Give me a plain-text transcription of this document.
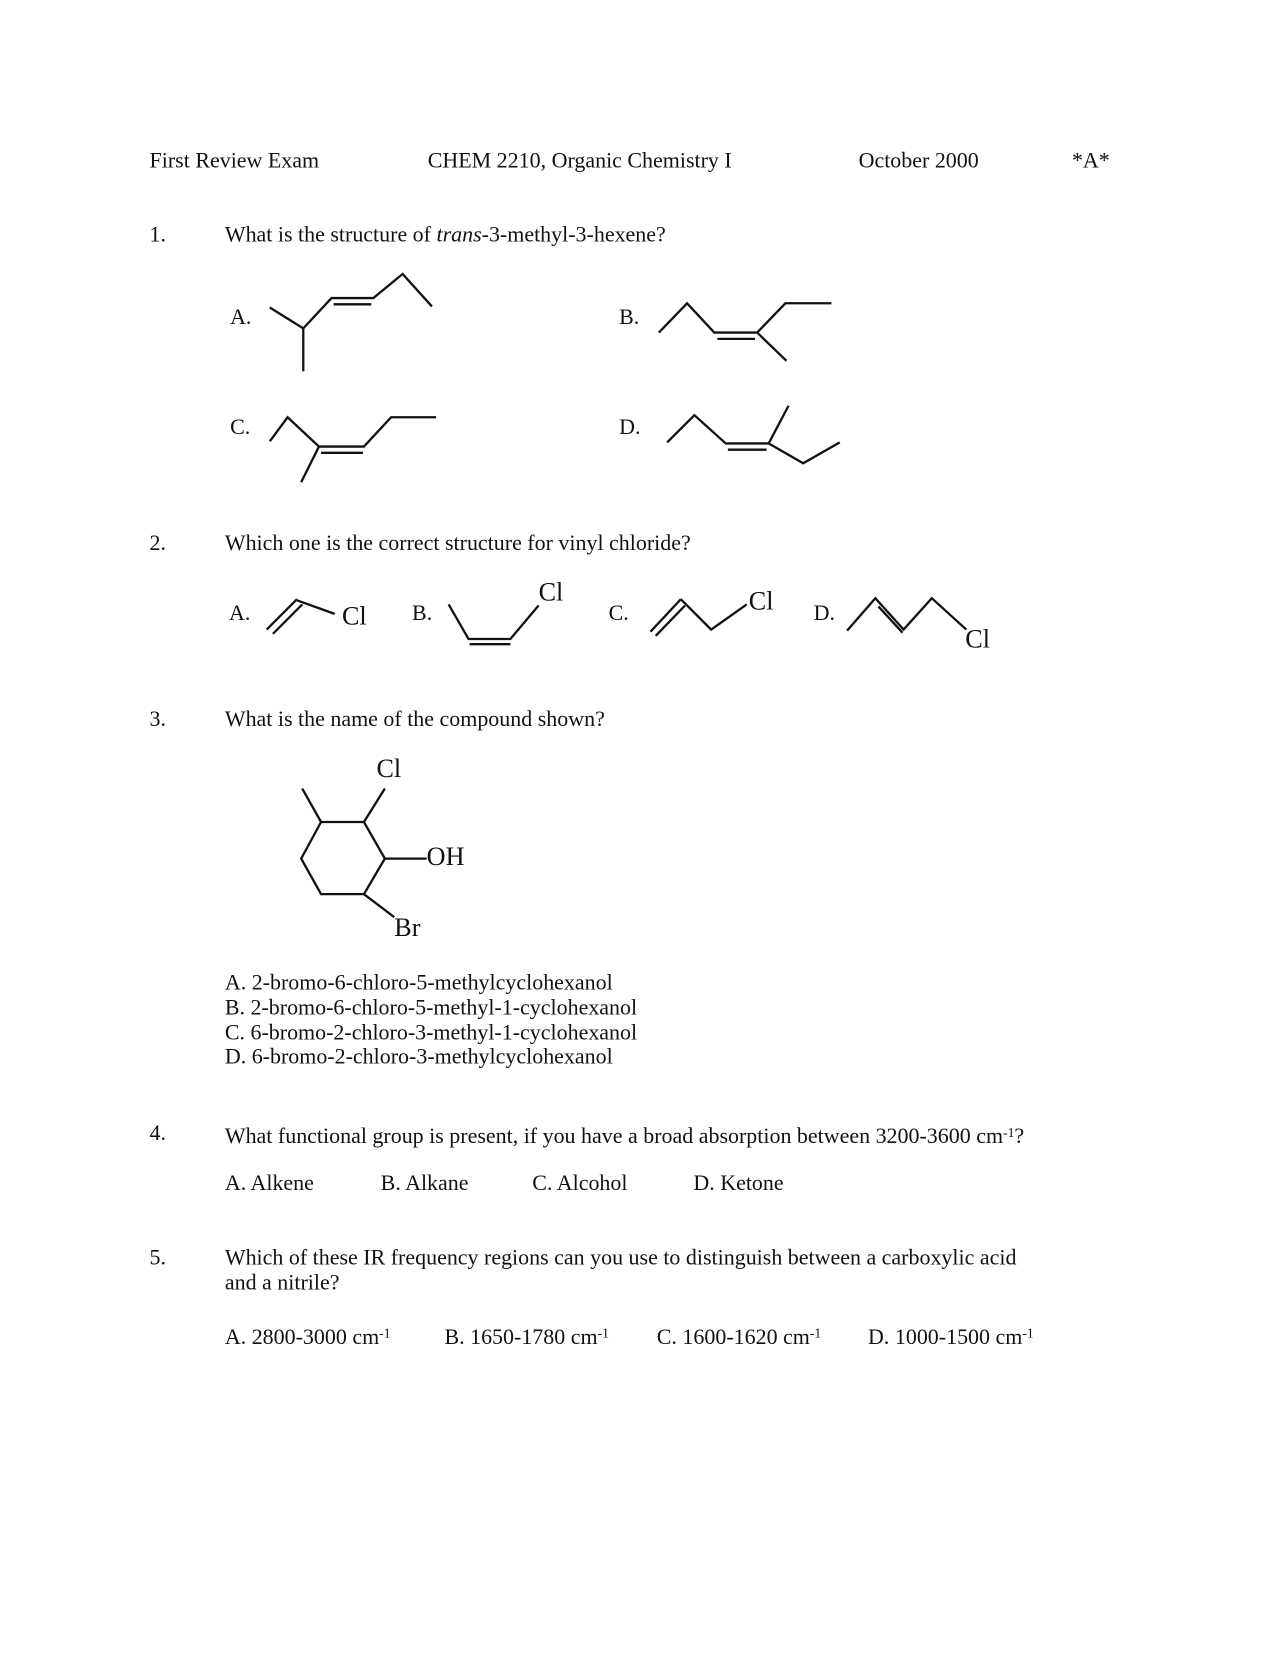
First Review Exam	CHEM 2210, Organic Chemistry I	October 2000	*A*
1.	What is the structure of trans-3-methyl-3-hexene?
A.	B.
C.	D.
2.	Which one is the correct structure for vinyl chloride?
A.	B.	C.	D.
Cl
Cl	Cl
Cl
3.	What is the name of the compound shown?
Cl
OH
Br
A. 2-bromo-6-chloro-5-methylcyclohexanol
B. 2-bromo-6-chloro-5-methyl-1-cyclohexanol
C. 6-bromo-2-chloro-3-methyl-1-cyclohexanol
D. 6-bromo-2-chloro-3-methylcyclohexanol
4.	What functional group is present, if you have a broad absorption between 3200-3600 $cm^{-1}$?
A. Alkene	B. Alkane	C. Alcohol	D. Ketone
5.	Which of these IR frequency regions can you use to distinguish between a carboxylic acid
and a nitrile?
A. 2800-3000 $cm^{-1}$	B. 1650-1780 $cm^{-1}$ C. 1600-1620 $cm^{-1}$ D. 1000-1500 $cm^{-1}$
